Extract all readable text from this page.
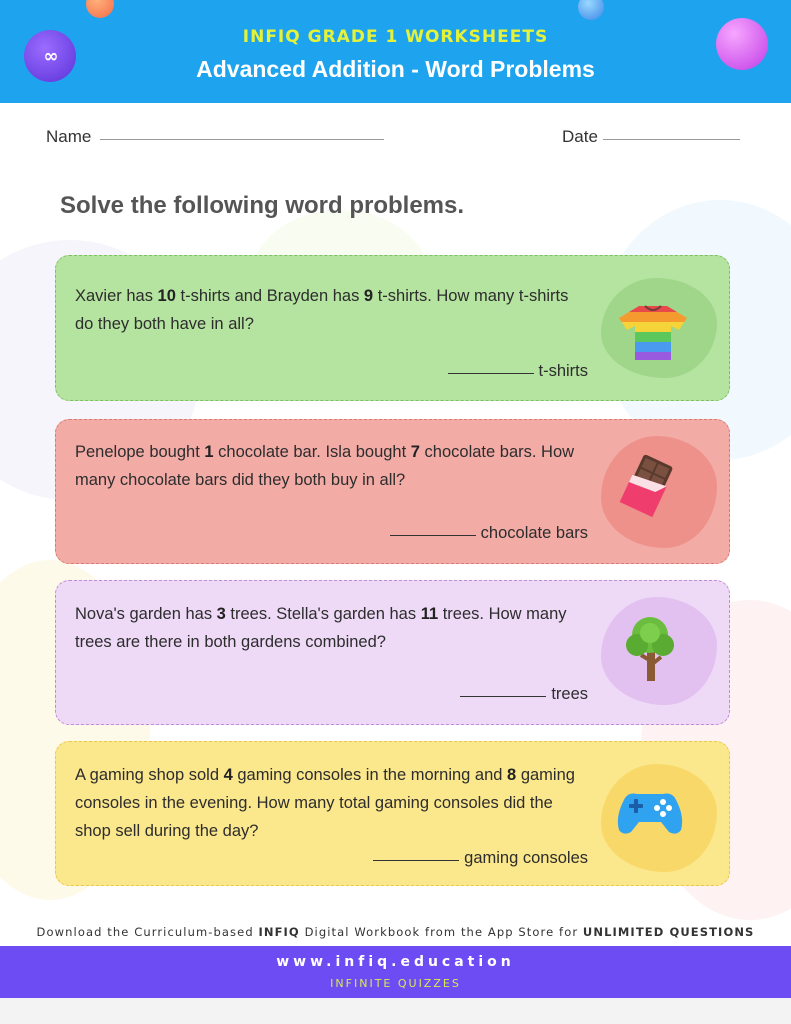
∞
INFIQ GRADE 1 WORKSHEETS
Advanced Addition - Word Problems
Name	Date
Solve the following word problems.
Xavier has 10 t-shirts and Brayden has 9 t-shirts. How many t-shirts do they both have in all?
t-shirts
Penelope bought 1 chocolate bar. Isla bought 7 chocolate bars. How many chocolate bars did they both buy in all?
chocolate bars
Nova's garden has 3 trees. Stella's garden has 11 trees. How many trees are there in both gardens combined?
trees
A gaming shop sold 4 gaming consoles in the morning and 8 gaming consoles in the evening. How many total gaming consoles did the shop sell during the day?
gaming consoles
Download the Curriculum-based INFIQ Digital Workbook from the App Store for UNLIMITED QUESTIONS
www.infiq.education
INFINITE QUIZZES
